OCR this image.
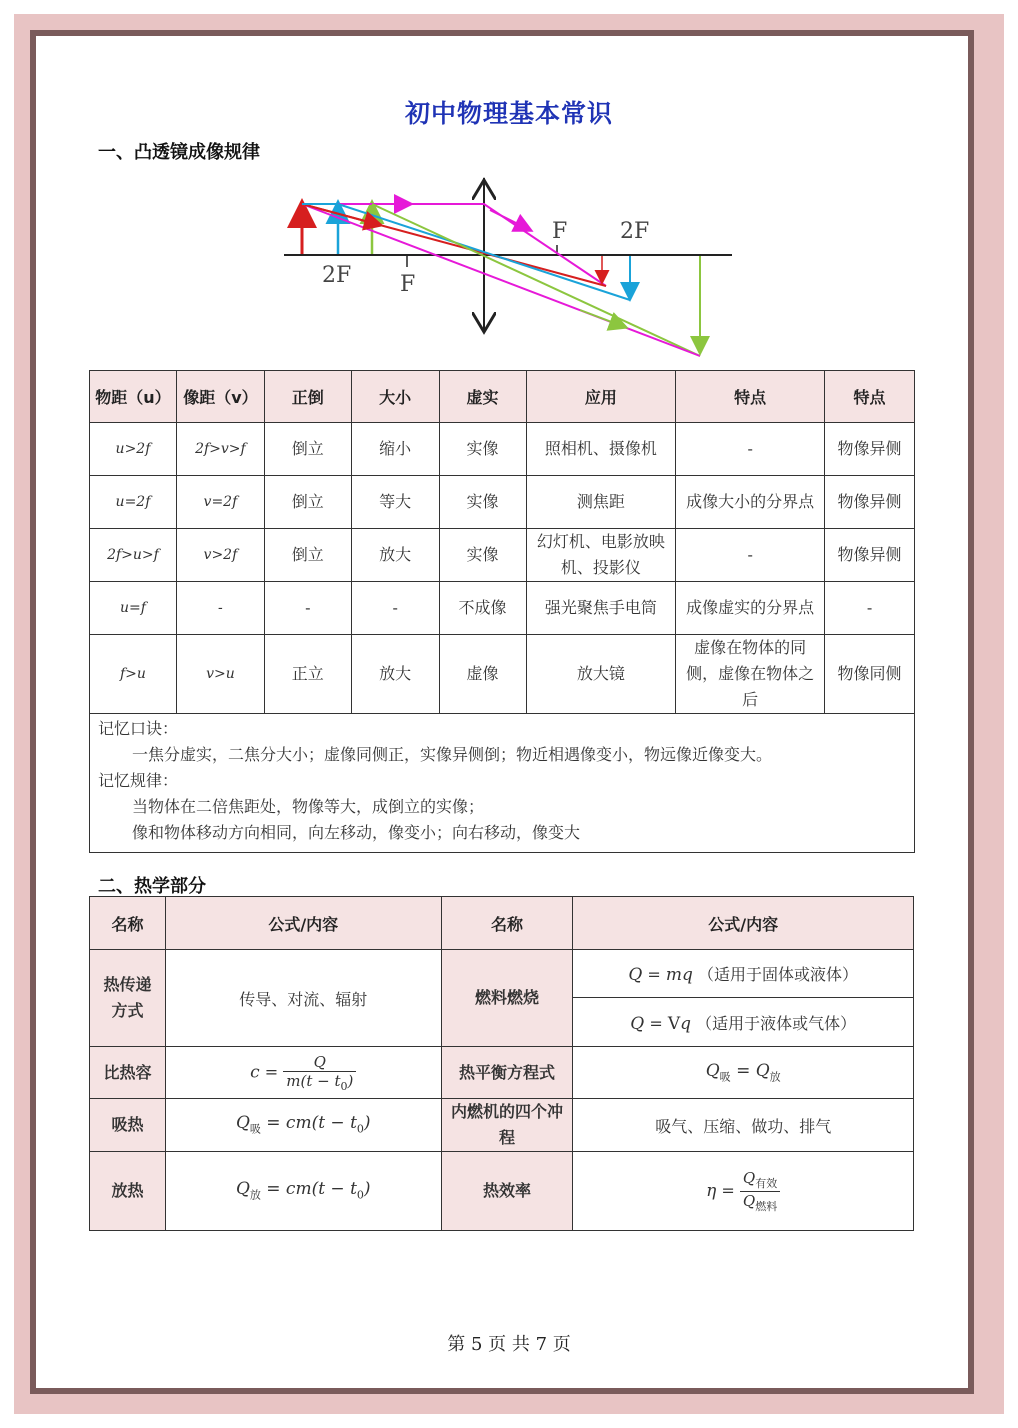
初中物理基本常识
一、凸透镜成像规律
F 2F
2F F
物距（u）	像距（v）	正倒	大小	虚实	应用	特点	特点
u>2f	2f>v>f	倒立	缩小	实像	照相机、摄像机	-	物像异侧
u=2f	v=2f	倒立	等大	实像	测焦距	成像大小的分界点	物像异侧
2f>u>f	v>2f	倒立	放大	实像	幻灯机、电影放映机、投影仪	-	物像异侧
u=f	-	-	-	不成像	强光聚焦手电筒	成像虚实的分界点	-
f>u	v>u	正立	放大	虚像	放大镜	虚像在物体的同侧，虚像在物体之后	物像同侧

记忆口诀：
一焦分虚实，二焦分大小；虚像同侧正，实像异侧倒；物近相遇像变小，物远像近像变大。
记忆规律：
当物体在二倍焦距处，物像等大，成倒立的实像；
像和物体移动方向相同，向左移动，像变小；向右移动，像变大							
二、热学部分
名称	公式/内容	名称	公式/内容
热传递方式	传导、对流、辐射	燃料燃烧	Q = mq （适用于固体或液体）
			Q = Vq （适用于液体或气体）
比热容	$c = \frac{Q}{m(t - t_0)}$	热平衡方程式	$Q_吸 = Q_放$
吸热	$Q_吸 = cm(t - t_0)$	内燃机的四个冲程	吸气、压缩、做功、排气
放热	$Q_放 = cm(t - t_0)$	热效率	$\eta = \frac{Q_{有效}}{Q_{燃料}}$
第 5 页 共 7 页
